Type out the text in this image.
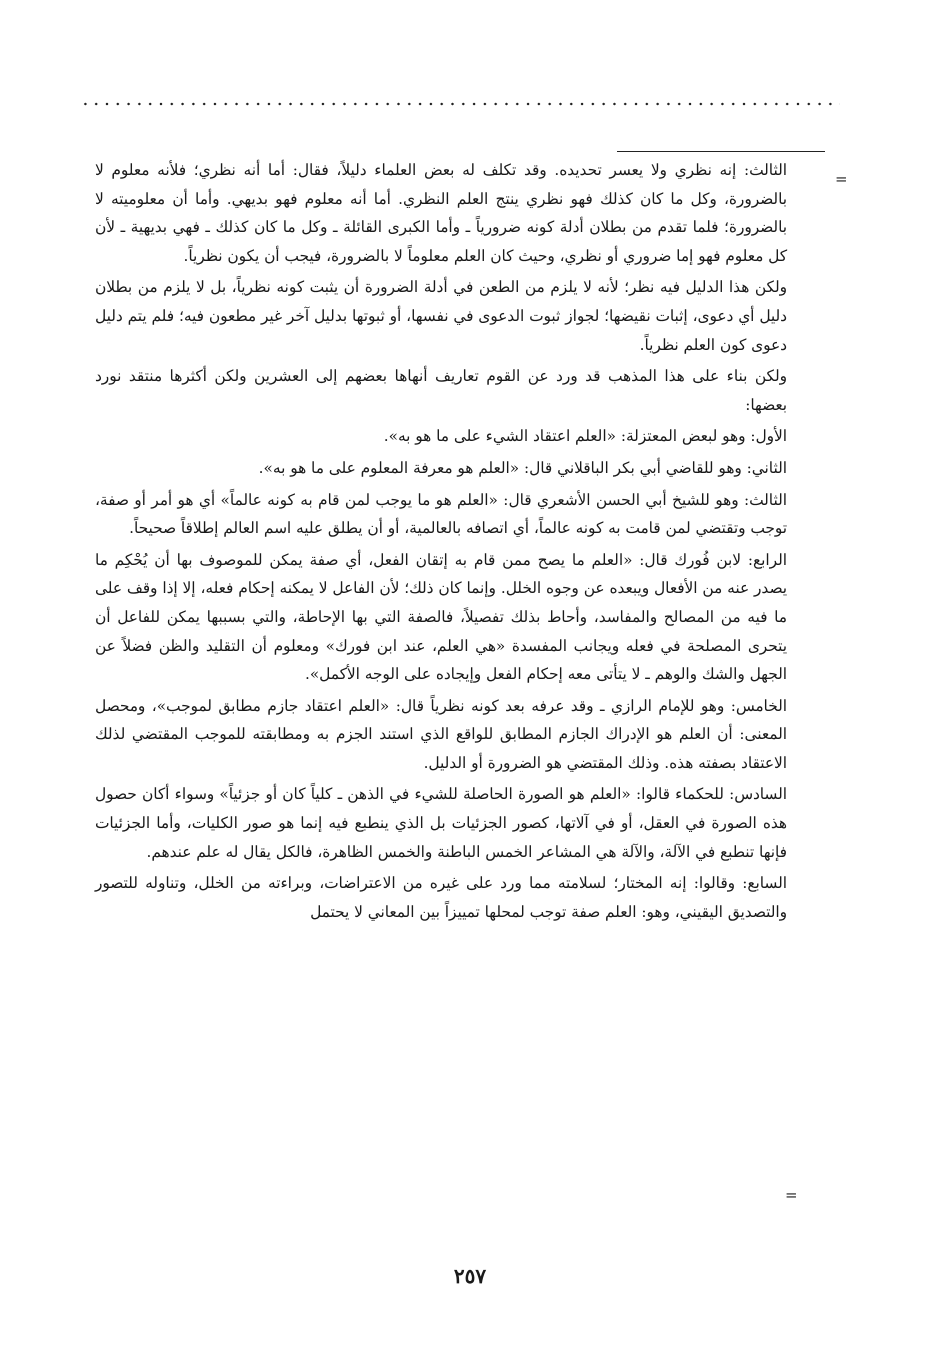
=

الثالث: إنه نظري ولا يعسر تحديده. وقد تكلف له بعض العلماء دليلاً، فقال: أما أنه نظري؛ فلأنه معلوم لا بالضرورة، وكل ما كان كذلك فهو نظري ينتج العلم النظري. أما أنه معلوم فهو بديهي. وأما أن معلوميته لا بالضرورة؛ فلما تقدم من بطلان أدلة كونه ضرورياً ـ وأما الكبرى القائلة ـ وكل ما كان كذلك ـ فهي بديهية ـ لأن كل معلوم فهو إما ضروري أو نظري، وحيث كان العلم معلوماً لا بالضرورة، فيجب أن يكون نظرياً.

ولكن هذا الدليل فيه نظر؛ لأنه لا يلزم من الطعن في أدلة الضرورة أن يثبت كونه نظرياً، بل لا يلزم من بطلان دليل أي دعوى، إثبات نقيضها؛ لجواز ثبوت الدعوى في نفسها، أو ثبوتها بدليل آخر غير مطعون فيه؛ فلم يتم دليل دعوى كون العلم نظرياً.

ولكن بناء على هذا المذهب قد ورد عن القوم تعاريف أنهاها بعضهم إلى العشرين ولكن أكثرها منتقد نورد بعضها:

الأول: وهو لبعض المعتزلة: «العلم اعتقاد الشيء على ما هو به».

الثاني: وهو للقاضي أبي بكر الباقلاني قال: «العلم هو معرفة المعلوم على ما هو به».

الثالث: وهو للشيخ أبي الحسن الأشعري قال: «العلم هو ما يوجب لمن قام به كونه عالماً» أي هو أمر أو صفة، توجب وتقتضي لمن قامت به كونه عالماً، أي اتصافه بالعالمية، أو أن يطلق عليه اسم العالم إطلاقاً صحيحاً.

الرابع: لابن فُورك قال: «العلم ما يصح ممن قام به إتقان الفعل، أي صفة يمكن للموصوف بها أن يُحْكِم ما يصدر عنه من الأفعال ويبعده عن وجوه الخلل. وإنما كان ذلك؛ لأن الفاعل لا يمكنه إحكام فعله، إلا إذا وقف على ما فيه من المصالح والمفاسد، وأحاط بذلك تفصيلاً، فالصفة التي بها الإحاطة، والتي بسببها يمكن للفاعل أن يتحرى المصلحة في فعله ويجانب المفسدة «هي العلم، عند ابن فورك» ومعلوم أن التقليد والظن فضلاً عن الجهل والشك والوهم ـ لا يتأتى معه إحكام الفعل وإيجاده على الوجه الأكمل».

الخامس: وهو للإمام الرازي ـ وقد عرفه بعد كونه نظرياً قال: «العلم اعتقاد جازم مطابق لموجب»، ومحصل المعنى: أن العلم هو الإدراك الجازم المطابق للواقع الذي استند الجزم به ومطابقته للموجب المقتضي لذلك الاعتقاد بصفته هذه. وذلك المقتضي هو الضرورة أو الدليل.

السادس: للحكماء قالوا: «العلم هو الصورة الحاصلة للشيء في الذهن ـ كلياً كان أو جزئياً» وسواء أكان حصول هذه الصورة في العقل، أو في آلاتها، كصور الجزئيات بل الذي ينطبع فيه إنما هو صور الكليات، وأما الجزئيات فإنها تنطبع في الآلة، والآلة هي المشاعر الخمس الباطنة والخمس الظاهرة، فالكل يقال له علم عندهم.

السابع: وقالوا: إنه المختار؛ لسلامته مما ورد على غيره من الاعتراضات، وبراءته من الخلل، وتناوله للتصور والتصديق اليقيني، وهو: العلم صفة توجب لمحلها تمييزاً بين المعاني لا يحتمل

=
٢٥٧
